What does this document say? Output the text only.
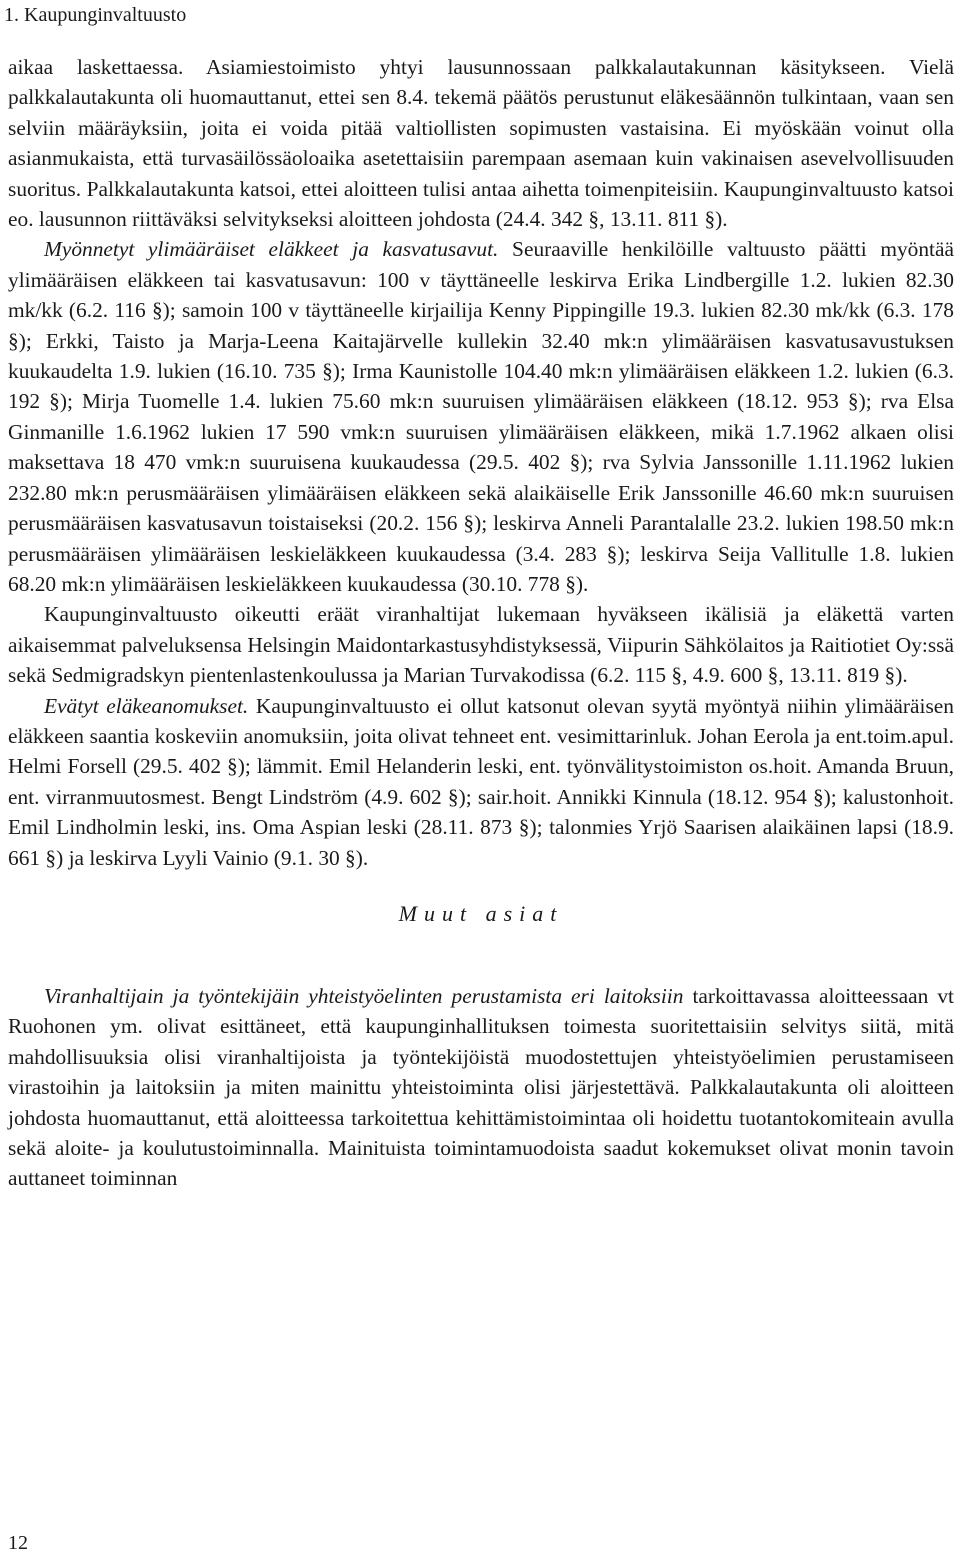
1. Kaupunginvaltuusto

aikaa laskettaessa. Asiamiestoimisto yhtyi lausunnossaan palkkalautakunnan käsitykseen. Vielä palkkalautakunta oli huomauttanut, ettei sen 8.4. tekemä päätös perustunut eläkesäännön tulkintaan, vaan sen selviin määräyksiin, joita ei voida pitää valtiollisten sopimusten vastaisina. Ei myöskään voinut olla asianmukaista, että turvasäilössäoloaika asetettaisiin parempaan asemaan kuin vakinaisen asevelvollisuuden suoritus. Palkkalautakunta katsoi, ettei aloitteen tulisi antaa aihetta toimenpiteisiin. Kaupunginvaltuusto katsoi eo. lausunnon riittäväksi selvitykseksi aloitteen johdosta (24.4. 342 §, 13.11. 811 §).

Myönnetyt ylimääräiset eläkkeet ja kasvatusavut. Seuraaville henkilöille valtuusto päätti myöntää ylimääräisen eläkkeen tai kasvatusavun: 100 v täyttäneelle leskirva Erika Lindbergille 1.2. lukien 82.30 mk/kk (6.2. 116 §); samoin 100 v täyttäneelle kirjailija Kenny Pippingille 19.3. lukien 82.30 mk/kk (6.3. 178 §); Erkki, Taisto ja Marja-Leena Kaitajärvelle kullekin 32.40 mk:n ylimääräisen kasvatusavustuksen kuukaudelta 1.9. lukien (16.10. 735 §); Irma Kaunistolle 104.40 mk:n ylimääräisen eläkkeen 1.2. lukien (6.3. 192 §); Mirja Tuomelle 1.4. lukien 75.60 mk:n suuruisen ylimääräisen eläkkeen (18.12. 953 §); rva Elsa Ginmanille 1.6.1962 lukien 17 590 vmk:n suuruisen ylimääräisen eläkkeen, mikä 1.7.1962 alkaen olisi maksettava 18 470 vmk:n suuruisena kuukaudessa (29.5. 402 §); rva Sylvia Janssonille 1.11.1962 lukien 232.80 mk:n perusmääräisen ylimääräisen eläkkeen sekä alaikäiselle Erik Janssonille 46.60 mk:n suuruisen perusmääräisen kasvatusavun toistaiseksi (20.2. 156 §); leskirva Anneli Parantalalle 23.2. lukien 198.50 mk:n perusmääräisen ylimääräisen leskieläkkeen kuukaudessa (3.4. 283 §); leskirva Seija Vallitulle 1.8. lukien 68.20 mk:n ylimääräisen leskieläkkeen kuukaudessa (30.10. 778 §).

Kaupunginvaltuusto oikeutti eräät viranhaltijat lukemaan hyväkseen ikälisiä ja eläkettä varten aikaisemmat palveluksensa Helsingin Maidontarkastusyhdistyksessä, Viipurin Sähkölaitos ja Raitiotiet Oy:ssä sekä Sedmigradskyn pientenlastenkoulussa ja Marian Turvakodissa (6.2. 115 §, 4.9. 600 §, 13.11. 819 §).

Evätyt eläkeanomukset. Kaupunginvaltuusto ei ollut katsonut olevan syytä myöntyä niihin ylimääräisen eläkkeen saantia koskeviin anomuksiin, joita olivat tehneet ent. vesimittarinluk. Johan Eerola ja ent.toim.apul. Helmi Forsell (29.5. 402 §); lämmit. Emil Helanderin leski, ent. työnvälitystoimiston os.hoit. Amanda Bruun, ent. virranmuutosmest. Bengt Lindström (4.9. 602 §); sair.hoit. Annikki Kinnula (18.12. 954 §); kalustonhoit. Emil Lindholmin leski, ins. Oma Aspian leski (28.11. 873 §); talonmies Yrjö Saarisen alaikäinen lapsi (18.9. 661 §) ja leskirva Lyyli Vainio (9.1. 30 §).

Muut asiat

Viranhaltijain ja työntekijäin yhteistyöelinten perustamista eri laitoksiin tarkoittavassa aloitteessaan vt Ruohonen ym. olivat esittäneet, että kaupunginhallituksen toimesta suoritettaisiin selvitys siitä, mitä mahdollisuuksia olisi viranhaltijoista ja työntekijöistä muodostettujen yhteistyöelimien perustamiseen virastoihin ja laitoksiin ja miten mainittu yhteistoiminta olisi järjestettävä. Palkkalautakunta oli aloitteen johdosta huomauttanut, että aloitteessa tarkoitettua kehittämistoimintaa oli hoidettu tuotantokomiteain avulla sekä aloite- ja koulutustoiminnalla. Mainituista toimintamuodoista saadut kokemukset olivat monin tavoin auttaneet toiminnan

12
